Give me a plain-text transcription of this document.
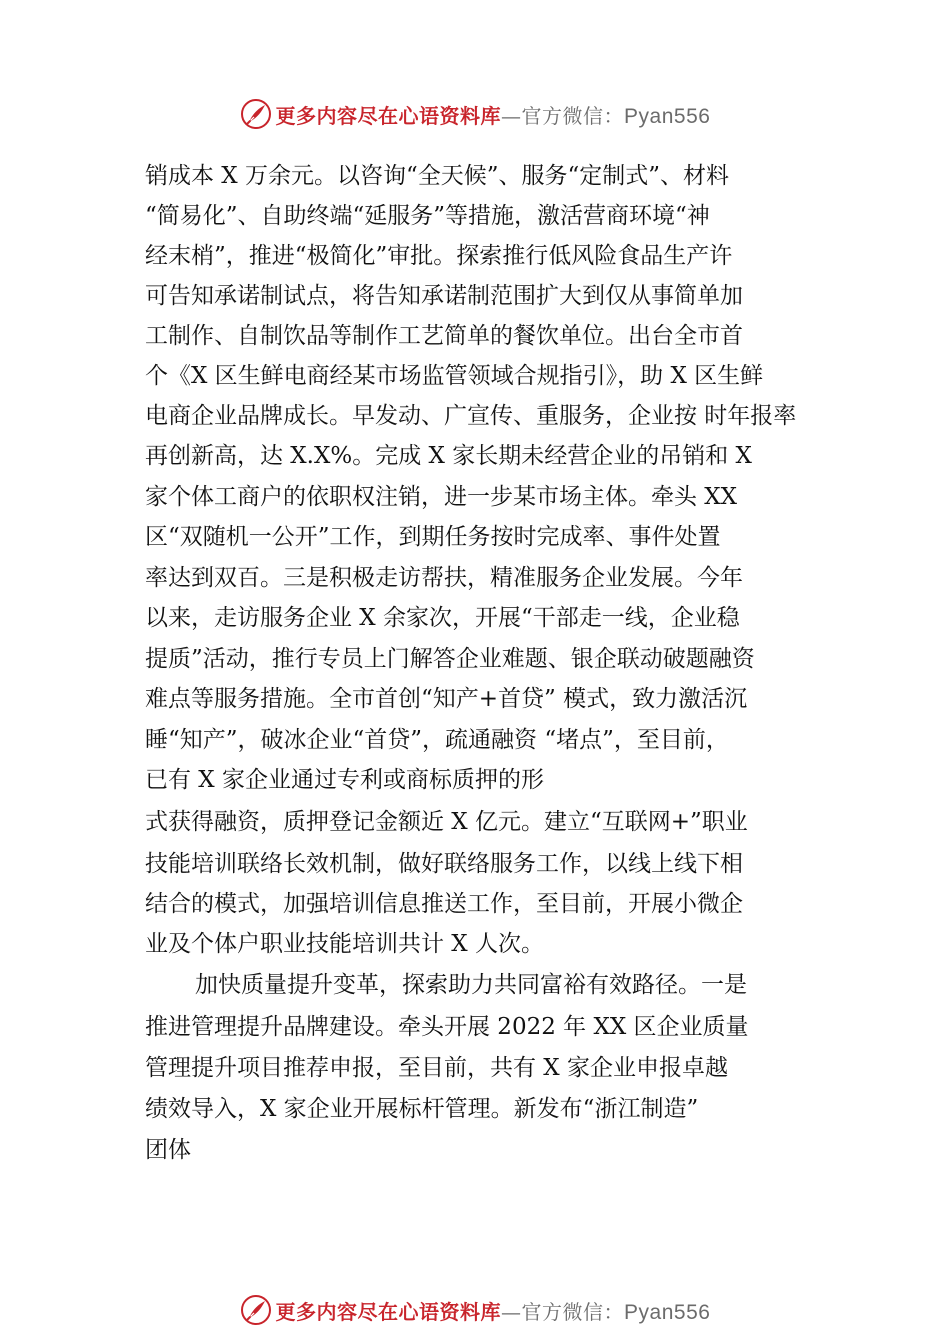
更多内容尽在心语资料库—官方微信：Pyan556
销成本 X 万余元。以咨询“全天候”、服务“定制式”、材料
“简易化”、自助终端“延服务”等措施，激活营商环境“神
经末梢”，推进“极简化”审批。探索推行低风险食品生产许
可告知承诺制试点，将告知承诺制范围扩大到仅从事简单加
工制作、自制饮品等制作工艺简单的餐饮单位。出台全市首
个《X 区生鲜电商经某市场监管领域合规指引》，助 X 区生鲜
电商企业品牌成长。早发动、广宣传、重服务，企业按 时年报率
再创新高，达 X.X%。完成 X 家长期未经营企业的吊销和 X
家个体工商户的依职权注销，进一步某市场主体。牵头 XX
区“双随机一公开”工作，到期任务按时完成率、事件处置
率达到双百。三是积极走访帮扶，精准服务企业发展。今年
以来，走访服务企业 X 余家次，开展“干部走一线，企业稳
提质”活动，推行专员上门解答企业难题、银企联动破题融资
难点等服务措施。全市首创“知产+首贷” 模式，致力激活沉
睡“知产”，破冰企业“首贷”，疏通融资 “堵点”，至目前，
已有 X 家企业通过专利或商标质押的形
式获得融资，质押登记金额近 X 亿元。建立“互联网+”职业
技能培训联络长效机制，做好联络服务工作，以线上线下相
结合的模式，加强培训信息推送工作，至目前，开展小微企
业及个体户职业技能培训共计 X 人次。
加快质量提升变革，探索助力共同富裕有效路径。一是
推进管理提升品牌建设。牵头开展 2022 年 XX 区企业质量
管理提升项目推荐申报，至目前，共有 X 家企业申报卓越
绩效导入，X 家企业开展标杆管理。新发布“浙江制造”
团体
更多内容尽在心语资料库—官方微信：Pyan556
